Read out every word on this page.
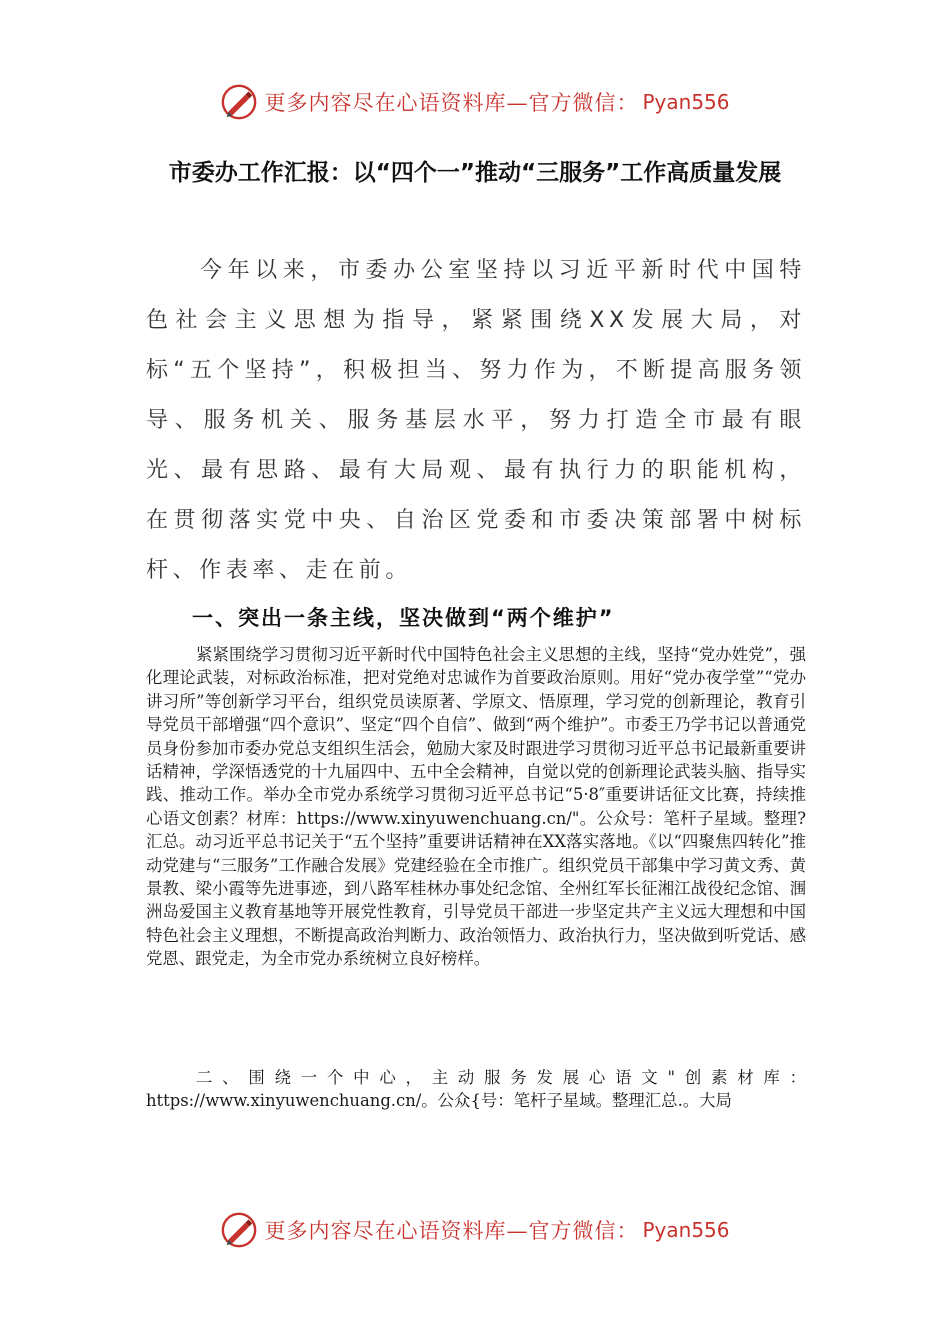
更多内容尽在心语资料库—官方微信： Pyan556
市委办工作汇报：以“四个一”推动“三服务”工作高质量发展

今年以来，市委办公室坚持以习近平新时代中国特色社会主义思想为指导，紧紧围绕XX发展大局，对标“五个坚持”，积极担当、努力作为，不断提高服务领导、服务机关、服务基层水平，努力打造全市最有眼光、最有思路、最有大局观、最有执行力的职能机构，在贯彻落实党中央、自治区党委和市委决策部署中树标杆、作表率、走在前。

一、突出一条主线，坚决做到“两个维护”

紧紧围绕学习贯彻习近平新时代中国特色社会主义思想的主线，坚持“党办姓党”，强化理论武装，对标政治标准，把对党绝对忠诚作为首要政治原则。用好“党办夜学堂”“党办讲习所”等创新学习平台，组织党员读原著、学原文、悟原理，学习党的创新理论，教育引导党员干部增强“四个意识”、坚定“四个自信”、做到“两个维护”。市委王乃学书记以普通党员身份参加市委办党总支组织生活会，勉励大家及时跟进学习贯彻习近平总书记最新重要讲话精神，学深悟透党的十九届四中、五中全会精神，自觉以党的创新理论武装头脑、指导实践、推动工作。举办全市党办系统学习贯彻习近平总书记“5·8″重要讲话征文比赛，持续推心语文创素？材库：https://www.xinyuwenchuang.cn/"。公众号：笔杆子星域。整理?汇总。动习近平总书记关于“五个坚持”重要讲话精神在XX落实落地。《以“四聚焦四转化”推动党建与“三服务”工作融合发展》党建经验在全市推广。组织党员干部集中学习黄文秀、黄景教、梁小霞等先进事迹，到八路军桂林办事处纪念馆、全州红军长征湘江战役纪念馆、涠洲岛爱国主义教育基地等开展党性教育，引导党员干部进一步坚定共产主义远大理想和中国特色社会主义理想，不断提高政治判断力、政治领悟力、政治执行力，坚决做到听党话、感党恩、跟党走，为全市党办系统树立良好榜样。

二、围绕一个中心，主动服务发展心语文"创素材库：https://www.xinyuwenchuang.cn/。公众{号：笔杆子星域。整理汇总.。大局

更多内容尽在心语资料库—官方微信： Pyan556
